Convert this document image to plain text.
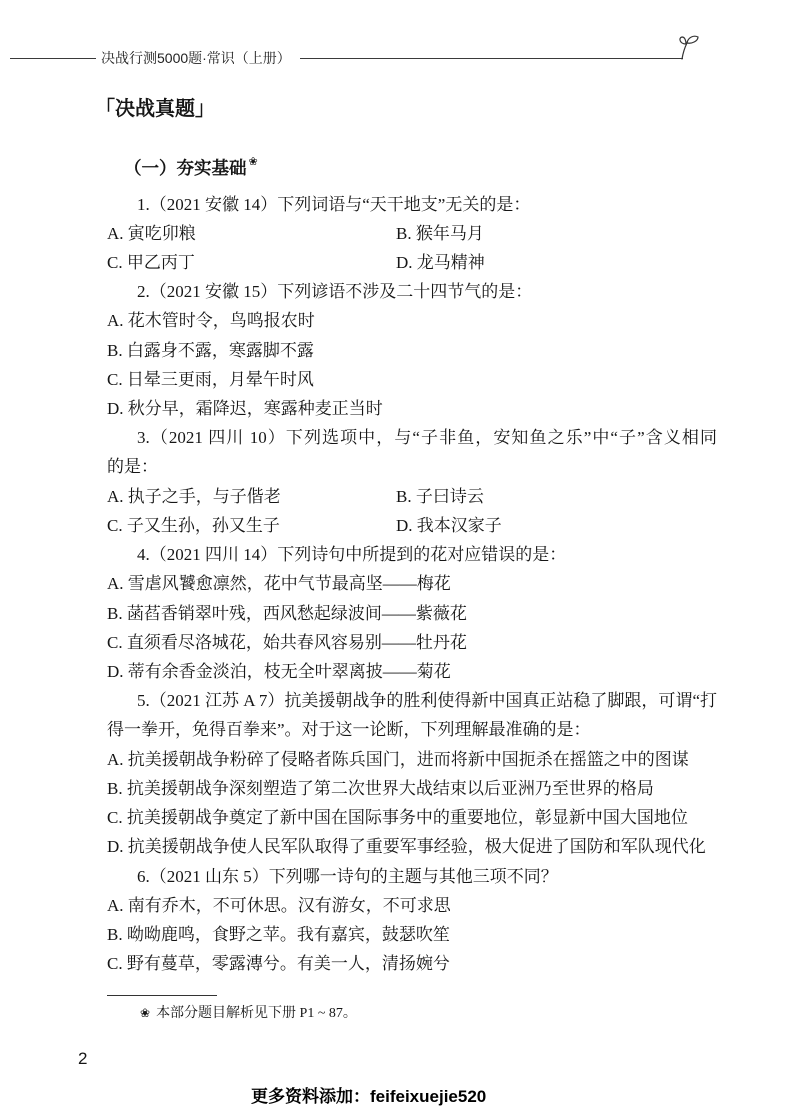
决战行测5000题·常识（上册）
「决战真题」
（一）夯实基础 ❀
1.（2021 安徽 14）下列词语与“天干地支”无关的是：
A. 寅吃卯粮	B. 猴年马月
C. 甲乙丙丁	D. 龙马精神
2.（2021 安徽 15）下列谚语不涉及二十四节气的是：
A. 花木管时令，鸟鸣报农时
B. 白露身不露，寒露脚不露
C. 日晕三更雨，月晕午时风
D. 秋分早，霜降迟，寒露种麦正当时
3.（2021 四川 10）下列选项中，与“子非鱼，安知鱼之乐”中“子”含义相同
的是：
A. 执子之手，与子偕老	B. 子曰诗云
C. 子又生孙，孙又生子	D. 我本汉家子
4.（2021 四川 14）下列诗句中所提到的花对应错误的是：
A. 雪虐风饕愈凛然，花中气节最高坚——梅花
B. 菡萏香销翠叶残，西风愁起绿波间——紫薇花
C. 直须看尽洛城花，始共春风容易别——牡丹花
D. 蒂有余香金淡泊，枝无全叶翠离披——菊花
5.（2021 江苏 A 7）抗美援朝战争的胜利使得新中国真正站稳了脚跟，可谓“打
得一拳开，免得百拳来”。对于这一论断，下列理解最准确的是：
A. 抗美援朝战争粉碎了侵略者陈兵国门，进而将新中国扼杀在摇篮之中的图谋
B. 抗美援朝战争深刻塑造了第二次世界大战结束以后亚洲乃至世界的格局
C. 抗美援朝战争奠定了新中国在国际事务中的重要地位，彰显新中国大国地位
D. 抗美援朝战争使人民军队取得了重要军事经验，极大促进了国防和军队现代化
6.（2021 山东 5）下列哪一诗句的主题与其他三项不同？
A. 南有乔木，不可休思。汉有游女，不可求思
B. 呦呦鹿鸣，食野之苹。我有嘉宾，鼓瑟吹笙
C. 野有蔓草，零露漙兮。有美一人，清扬婉兮
❀ 本部分题目解析见下册 P1 ~ 87。
2
更多资料添加：feifeixuejie520
